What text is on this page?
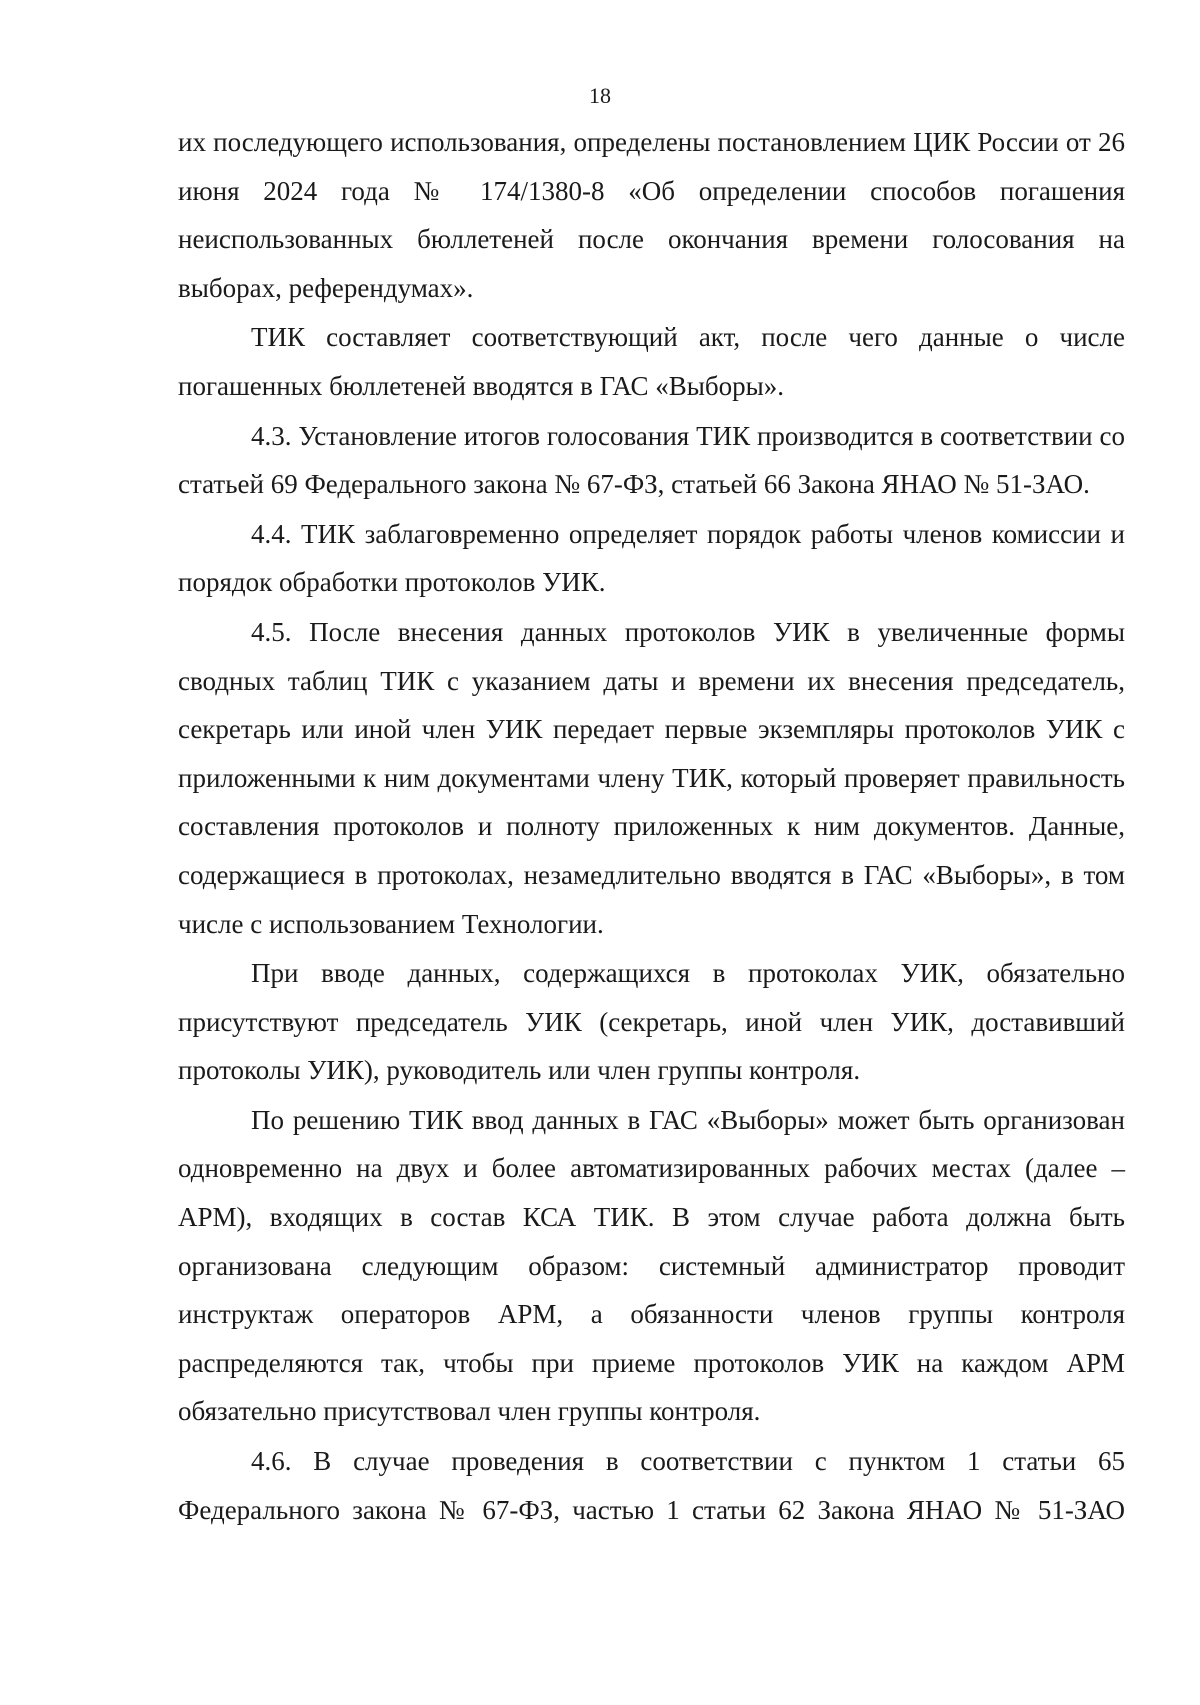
18

их последующего использования, определены постановлением ЦИК России от 26 июня 2024 года № 174/1380-8 «Об определении способов погашения неиспользованных бюллетеней после окончания времени голосования на выборах, референдумах».

ТИК составляет соответствующий акт, после чего данные о числе погашенных бюллетеней вводятся в ГАС «Выборы».

4.3. Установление итогов голосования ТИК производится в соответствии со статьей 69 Федерального закона № 67-ФЗ, статьей 66 Закона ЯНАО № 51-ЗАО.

4.4. ТИК заблаговременно определяет порядок работы членов комиссии и порядок обработки протоколов УИК.

4.5. После внесения данных протоколов УИК в увеличенные формы сводных таблиц ТИК с указанием даты и времени их внесения председатель, секретарь или иной член УИК передает первые экземпляры протоколов УИК с приложенными к ним документами члену ТИК, который проверяет правильность составления протоколов и полноту приложенных к ним документов. Данные, содержащиеся в протоколах, незамедлительно вводятся в ГАС «Выборы», в том числе с использованием Технологии.

При вводе данных, содержащихся в протоколах УИК, обязательно присутствуют председатель УИК (секретарь, иной член УИК, доставивший протоколы УИК), руководитель или член группы контроля.

По решению ТИК ввод данных в ГАС «Выборы» может быть организован одновременно на двух и более автоматизированных рабочих местах (далее – АРМ), входящих в состав КСА ТИК. В этом случае работа должна быть организована следующим образом: системный администратор проводит инструктаж операторов АРМ, а обязанности членов группы контроля распределяются так, чтобы при приеме протоколов УИК на каждом АРМ обязательно присутствовал член группы контроля.

4.6. В случае проведения в соответствии с пунктом 1 статьи 65 Федерального закона № 67-ФЗ, частью 1 статьи 62 Закона ЯНАО № 51-ЗАО
